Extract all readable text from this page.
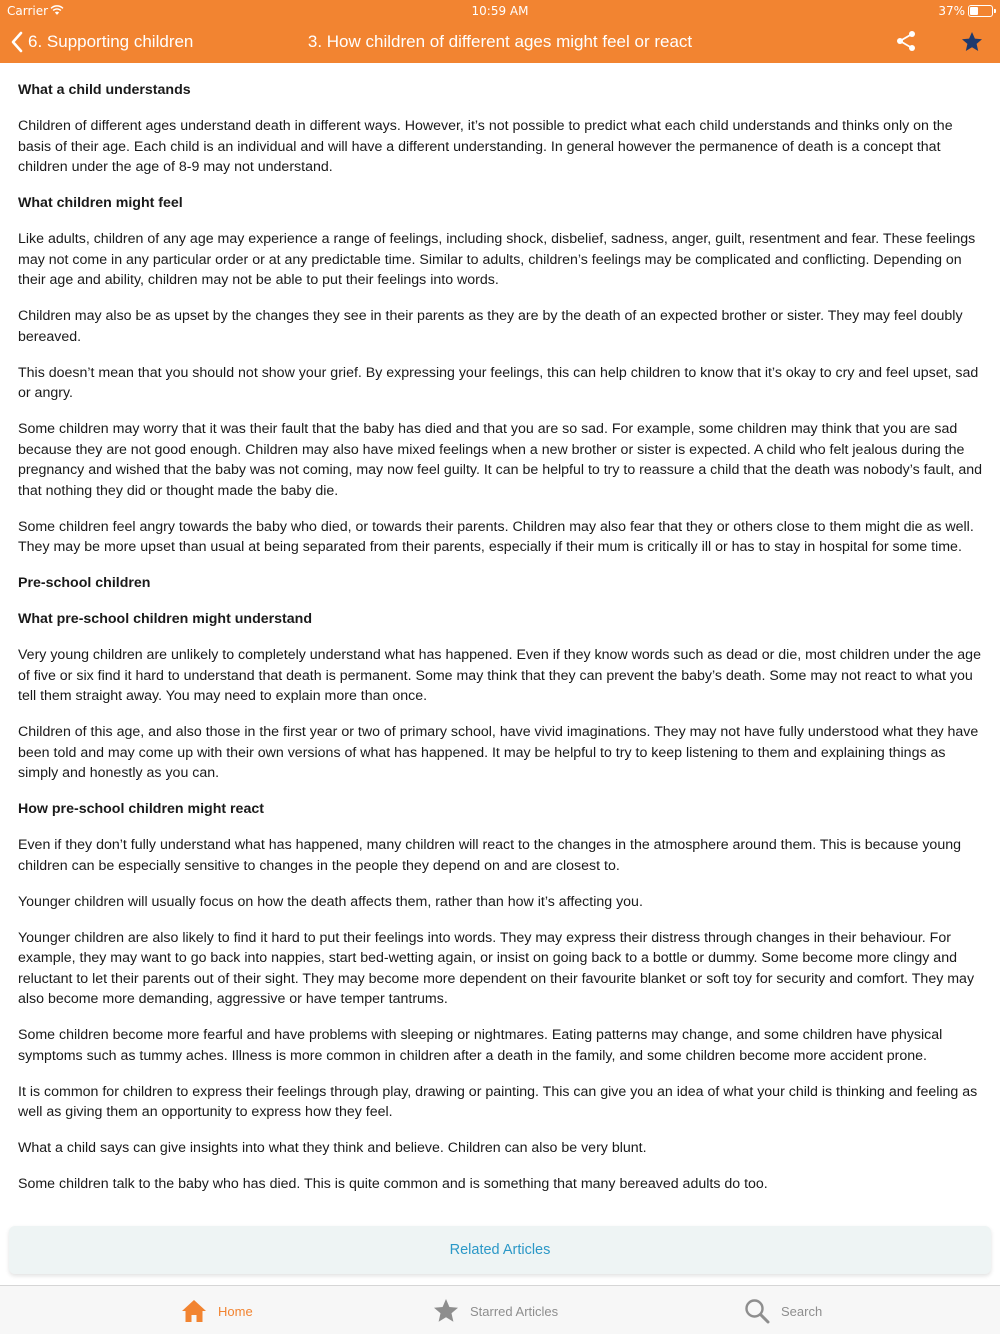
Carrier	10:59 AM	37%
6. Supporting children	3. How children of different ages might feel or react
What a child understands

Children of different ages understand death in different ways. However, it’s not possible to predict what each child understands and thinks only on the basis of their age. Each child is an individual and will have a different understanding. In general however the permanence of death is a concept that children under the age of 8-9 may not understand.

What children might feel

Like adults, children of any age may experience a range of feelings, including shock, disbelief, sadness, anger, guilt, resentment and fear. These feelings may not come in any particular order or at any predictable time. Similar to adults, children’s feelings may be complicated and conflicting. Depending on their age and ability, children may not be able to put their feelings into words.

Children may also be as upset by the changes they see in their parents as they are by the death of an expected brother or sister. They may feel doubly bereaved.

This doesn’t mean that you should not show your grief. By expressing your feelings, this can help children to know that it’s okay to cry and feel upset, sad or angry.

Some children may worry that it was their fault that the baby has died and that you are so sad. For example, some children may think that you are sad because they are not good enough. Children may also have mixed feelings when a new brother or sister is expected. A child who felt jealous during the pregnancy and wished that the baby was not coming, may now feel guilty. It can be helpful to try to reassure a child that the death was nobody’s fault, and that nothing they did or thought made the baby die.

Some children feel angry towards the baby who died, or towards their parents. Children may also fear that they or others close to them might die as well. They may be more upset than usual at being separated from their parents, especially if their mum is critically ill or has to stay in hospital for some time.

Pre-school children
What pre-school children might understand

Very young children are unlikely to completely understand what has happened. Even if they know words such as dead or die, most children under the age of five or six find it hard to understand that death is permanent. Some may think that they can prevent the baby’s death. Some may not react to what you tell them straight away. You may need to explain more than once.

Children of this age, and also those in the first year or two of primary school, have vivid imaginations. They may not have fully understood what they have been told and may come up with their own versions of what has happened. It may be helpful to try to keep listening to them and explaining things as simply and honestly as you can.

How pre-school children might react

Even if they don’t fully understand what has happened, many children will react to the changes in the atmosphere around them. This is because young children can be especially sensitive to changes in the people they depend on and are closest to.

Younger children will usually focus on how the death affects them, rather than how it’s affecting you.

Younger children are also likely to find it hard to put their feelings into words. They may express their distress through changes in their behaviour. For example, they may want to go back into nappies, start bed-wetting again, or insist on going back to a bottle or dummy. Some become more clingy and reluctant to let their parents out of their sight. They may become more dependent on their favourite blanket or soft toy for security and comfort. They may also become more demanding, aggressive or have temper tantrums.

Some children become more fearful and have problems with sleeping or nightmares. Eating patterns may change, and some children have physical symptoms such as tummy aches. Illness is more common in children after a death in the family, and some children become more accident prone.

It is common for children to express their feelings through play, drawing or painting. This can give you an idea of what your child is thinking and feeling as well as giving them an opportunity to express how they feel.

What a child says can give insights into what they think and believe. Children can also be very blunt.

Some children talk to the baby who has died. This is quite common and is something that many bereaved adults do too.

Related Articles
Home	Starred Articles	Search
